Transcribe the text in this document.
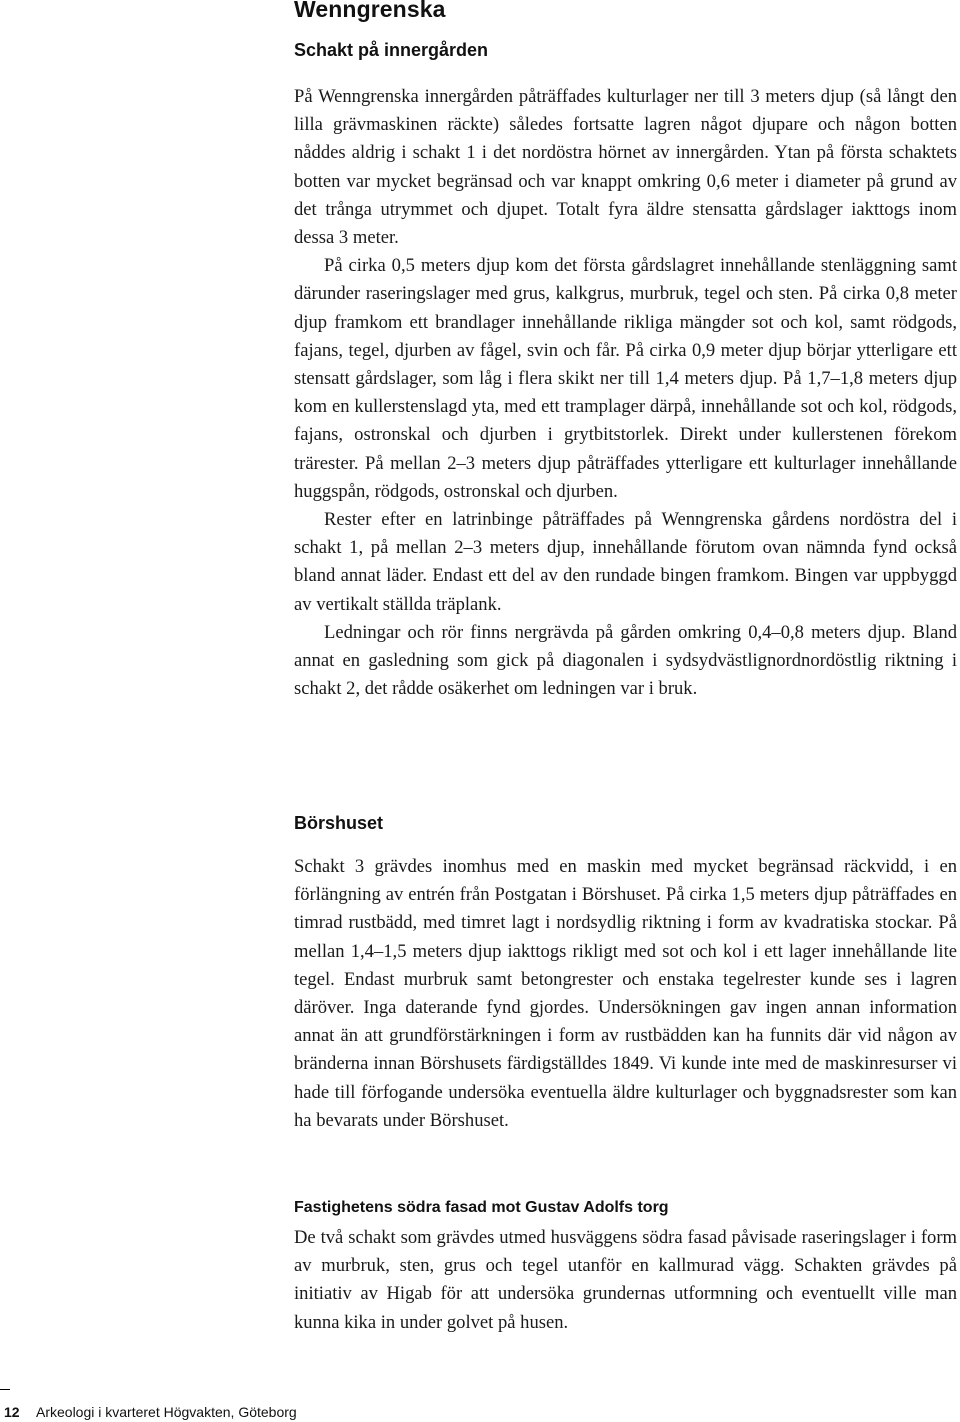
Wenngrenska
Schakt på innergården

På Wenngrenska innergården påträffades kulturlager ner till 3 meters djup (så långt den lilla grävmaskinen räckte) således fortsatte lagren något djupare och någon botten nåddes aldrig i schakt 1 i det nordöstra hörnet av innergården. Ytan på första schaktets botten var mycket begränsad och var knappt omkring 0,6 meter i diameter på grund av det trånga utrymmet och djupet. Totalt fyra äldre stensatta gårdslager iakttogs inom dessa 3 meter.

På cirka 0,5 meters djup kom det första gårdslagret innehållande stenläggning samt därunder raseringslager med grus, kalkgrus, murbruk, tegel och sten. På cirka 0,8 meter djup framkom ett brandlager innehållande rikliga mängder sot och kol, samt rödgods, fajans, tegel, djurben av fågel, svin och får. På cirka 0,9 meter djup börjar ytterligare ett stensatt gårdslager, som låg i flera skikt ner till 1,4 meters djup. På 1,7–1,8 meters djup kom en kullerstenslagd yta, med ett tramplager därpå, innehållande sot och kol, rödgods, fajans, ostronskal och djurben i grytbitstorlek. Direkt under kullerstenen förekom trärester. På mellan 2–3 meters djup påträffades ytterligare ett kulturlager innehållande huggspån, rödgods, ostronskal och djurben.

Rester efter en latrinbinge påträffades på Wenngrenska gårdens nordöstra del i schakt 1, på mellan 2–3 meters djup, innehållande förutom ovan nämnda fynd också bland annat läder. Endast ett del av den rundade bingen framkom. Bingen var uppbyggd av vertikalt ställda träplank.

Ledningar och rör finns nergrävda på gården omkring 0,4–0,8 meters djup. Bland annat en gasledning som gick på diagonalen i sydsydvästlignordnordöstlig riktning i schakt 2, det rådde osäkerhet om ledningen var i bruk.

Börshuset

Schakt 3 grävdes inomhus med en maskin med mycket begränsad räckvidd, i en förlängning av entrén från Postgatan i Börshuset. På cirka 1,5 meters djup påträffades en timrad rustbädd, med timret lagt i nordsydlig riktning i form av kvadratiska stockar. På mellan 1,4–1,5 meters djup iakttogs rikligt med sot och kol i ett lager innehållande lite tegel. Endast murbruk samt betongrester och enstaka tegelrester kunde ses i lagren däröver. Inga daterande fynd gjordes. Undersökningen gav ingen annan information annat än att grundförstärkningen i form av rustbädden kan ha funnits där vid någon av bränderna innan Börshusets färdigställdes 1849. Vi kunde inte med de maskinresurser vi hade till förfogande undersöka eventuella äldre kulturlager och byggnadsrester som kan ha bevarats under Börshuset.

Fastighetens södra fasad mot Gustav Adolfs torg

De två schakt som grävdes utmed husväggens södra fasad påvisade raseringslager i form av murbruk, sten, grus och tegel utanför en kallmurad vägg. Schakten grävdes på initiativ av Higab för att undersöka grundernas utformning och eventuellt ville man kunna kika in under golvet på husen.

12 Arkeologi i kvarteret Högvakten, Göteborg
